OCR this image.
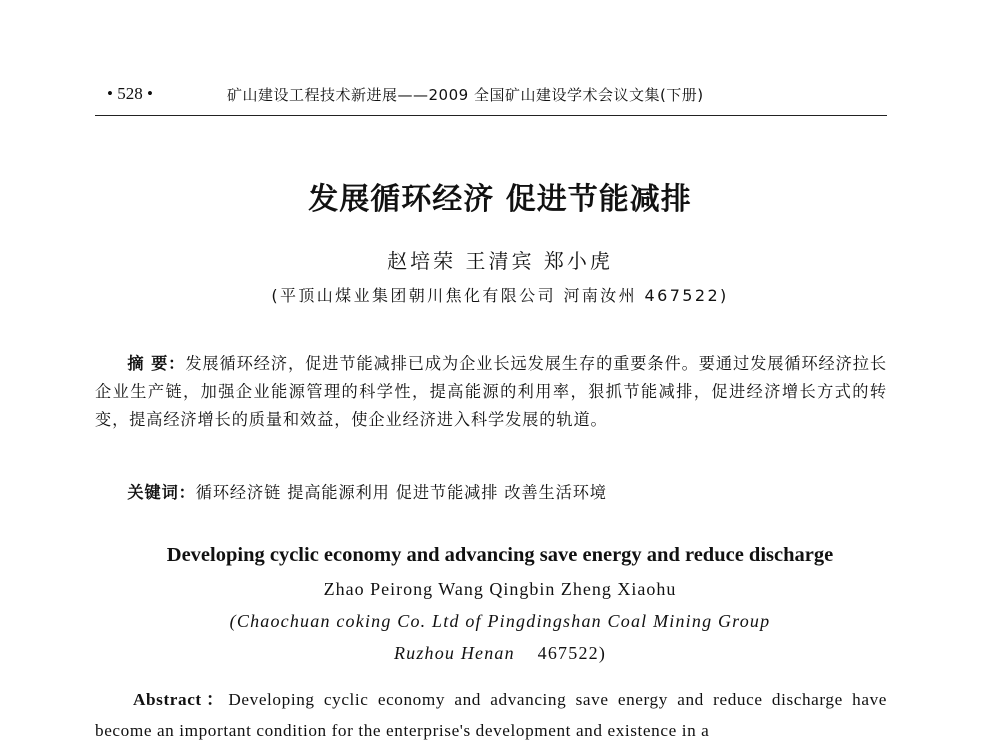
• 528 •	矿山建设工程技术新进展——2009 全国矿山建设学术会议文集(下册)
发展循环经济 促进节能减排
赵培荣 王清宾 郑小虎
(平顶山煤业集团朝川焦化有限公司 河南汝州 467522)
摘 要：发展循环经济，促进节能减排已成为企业长远发展生存的重要条件。要通过发展循环经济拉长企业生产链，加强企业能源管理的科学性，提高能源的利用率，狠抓节能减排，促进经济增长方式的转变，提高经济增长的质量和效益，使企业经济进入科学发展的轨道。
关键词：循环经济链 提高能源利用 促进节能减排 改善生活环境
Developing cyclic economy and advancing save energy and reduce discharge
Zhao Peirong Wang Qingbin Zheng Xiaohu
(Chaochuan coking Co. Ltd of Pingdingshan Coal Mining Group
Ruzhou Henan 467522)
Abstract：Developing cyclic economy and advancing save energy and reduce discharge have become an important condition for the enterprise's development and existence in a
